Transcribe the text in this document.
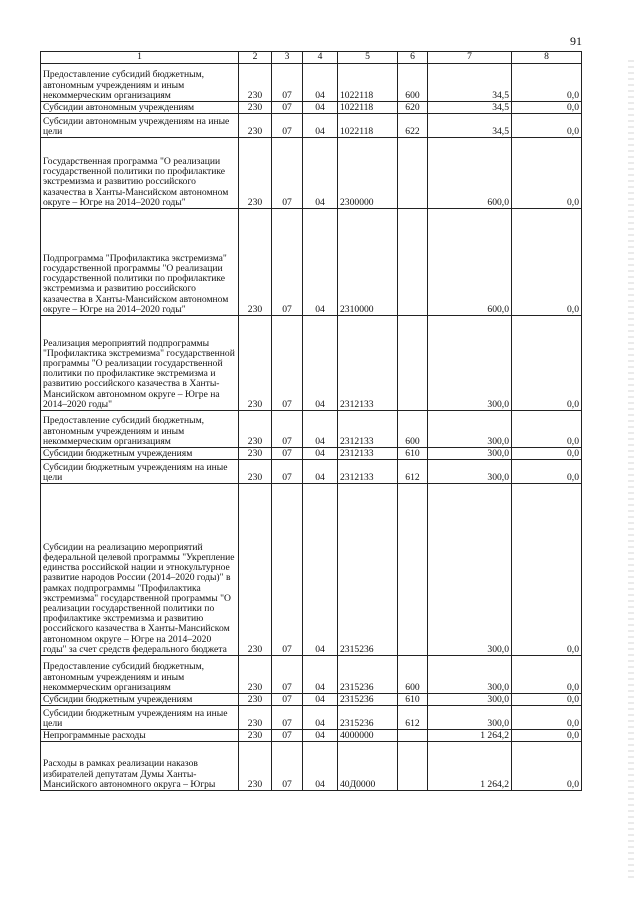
91
1	2	3	4	5	6	7	8
Предоставление субсидий бюджетным, автономным учреждениям и иным некоммерческим организациям	230	07	04	1022118	600	34,5	0,0
Субсидии автономным учреждениям	230	07	04	1022118	620	34,5	0,0
Субсидии автономным учреждениям на иные цели	230	07	04	1022118	622	34,5	0,0
Государственная программа "О реализации государственной политики по профилактике экстремизма и развитию российского казачества в Ханты-Мансийском автономном округе – Югре на 2014–2020 годы"	230	07	04	2300000		600,0	0,0
Подпрограмма "Профилактика экстремизма" государственной программы "О реализации государственной политики по профилактике экстремизма и развитию российского казачества в Ханты-Мансийском автономном округе – Югре на 2014–2020 годы"	230	07	04	2310000		600,0	0,0
Реализация мероприятий подпрограммы "Профилактика экстремизма" государственной программы "О реализации государственной политики по профилактике экстремизма и развитию российского казачества в Ханты-Мансийском автономном округе – Югре на 2014–2020 годы"	230	07	04	2312133		300,0	0,0
Предоставление субсидий бюджетным, автономным учреждениям и иным некоммерческим организациям	230	07	04	2312133	600	300,0	0,0
Субсидии бюджетным учреждениям	230	07	04	2312133	610	300,0	0,0
Субсидии бюджетным учреждениям на иные цели	230	07	04	2312133	612	300,0	0,0
Субсидии на реализацию мероприятий федеральной целевой программы "Укрепление единства российской нации и этнокультурное развитие народов России (2014–2020 годы)" в рамках подпрограммы "Профилактика экстремизма" государственной программы "О реализации государственной политики по профилактике экстремизма и развитию российского казачества в Ханты-Мансийском автономном округе – Югре на 2014–2020 годы" за счет средств федерального бюджета	230	07	04	2315236		300,0	0,0
Предоставление субсидий бюджетным, автономным учреждениям и иным некоммерческим организациям	230	07	04	2315236	600	300,0	0,0
Субсидии бюджетным учреждениям	230	07	04	2315236	610	300,0	0,0
Субсидии бюджетным учреждениям на иные цели	230	07	04	2315236	612	300,0	0,0
Непрограммные расходы	230	07	04	4000000		1 264,2	0,0
Расходы в рамках реализации наказов избирателей депутатам Думы Ханты-Мансийского автономного округа – Югры	230	07	04	40Д0000		1 264,2	0,0
